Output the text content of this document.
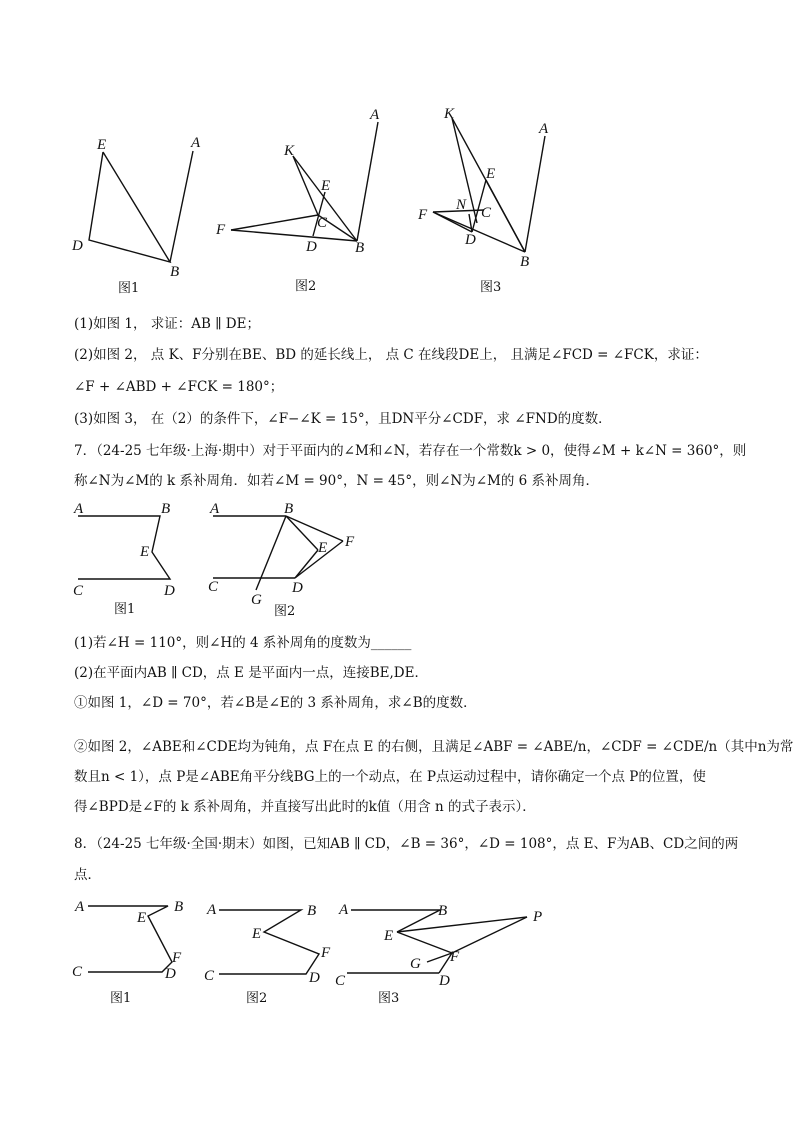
E	A
D
B
图1
A
K
E
C
F
D	B
图2
K
A
E
N C
F
D
B
图3
A	B
E
C	D
图1
A	B
E F
C	D
G
图2
A
E
B
F
C	D
图1
A	B
E
F
C	D
图2
A	B	P
E
G F
C	D
图3
(1)如图 1， 求证：AB ∥ DE；
(2)如图 2， 点 K、F分别在BE、BD 的延长线上， 点 C 在线段DE上， 且满足∠FCD = ∠FCK，求证：
∠F + ∠ABD + ∠FCK = 180°；
(3)如图 3， 在（2）的条件下，∠F−∠K = 15°，且DN平分∠CDF，求 ∠FND的度数．
7．（24-25 七年级·上海·期中）对于平面内的∠M和∠N，若存在一个常数k > 0，使得∠M + k∠N = 360°，则
称∠N为∠M的 k 系补周角．如若∠M = 90°，N = 45°，则∠N为∠M的 6 系补周角．
(1)若∠H = 110°，则∠H的 4 系补周角的度数为______
(2)在平面内AB ∥ CD，点 E 是平面内一点，连接BE,DE．
①如图 1，∠D = 70°，若∠B是∠E的 3 系补周角，求∠B的度数．
②如图 2，∠ABE和∠CDE均为钝角，点 F在点 E 的右侧，且满足∠ABF = ∠ABE/n，∠CDF = ∠CDE/n（其中n为常
数且n < 1），点 P是∠ABE角平分线BG上的一个动点，在 P点运动过程中，请你确定一个点 P的位置，使
得∠BPD是∠F的 k 系补周角，并直接写出此时的k值（用含 n 的式子表示）．
8．（24-25 七年级·全国·期末）如图，已知AB ∥ CD，∠B = 36°，∠D = 108°，点 E、F为AB、CD之间的两
点．
